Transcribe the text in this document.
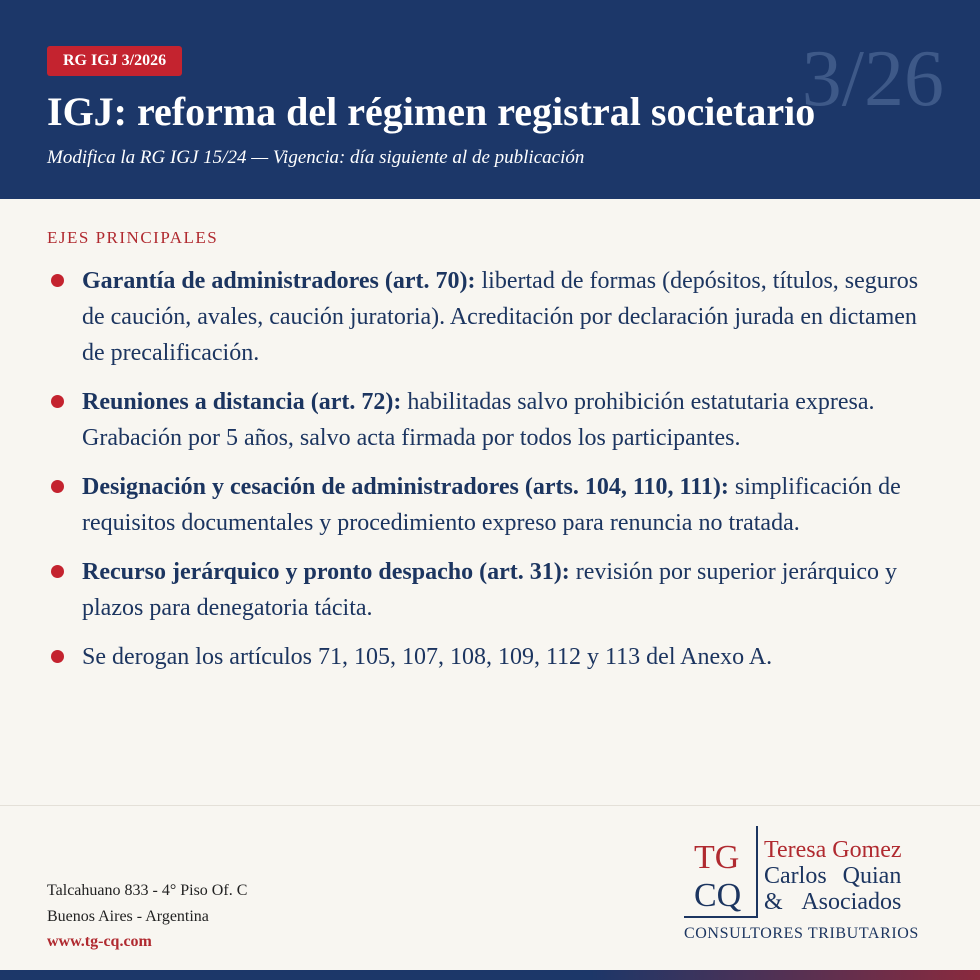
RG IGJ 3/2026	3/26
IGJ: reforma del régimen registral societario
Modifica la RG IGJ 15/24 — Vigencia: día siguiente al de publicación
EJES PRINCIPALES
Garantía de administradores (art. 70): libertad de formas (depósitos, títulos, seguros de caución, avales, caución juratoria). Acreditación por declaración jurada en dictamen de precalificación.
Reuniones a distancia (art. 72): habilitadas salvo prohibición estatutaria expresa. Grabación por 5 años, salvo acta firmada por todos los participantes.
Designación y cesación de administradores (arts. 104, 110, 111): simplificación de requisitos documentales y procedimiento expreso para renuncia no tratada.
Recurso jerárquico y pronto despacho (art. 31): revisión por superior jerárquico y plazos para denegatoria tácita.
Se derogan los artículos 71, 105, 107, 108, 109, 112 y 113 del Anexo A.
Talcahuano 833 - 4° Piso Of. C
Buenos Aires - Argentina
www.tg-cq.com
TG
CQ
Teresa Gomez
Carlos Quian
& Asociados
CONSULTORES TRIBUTARIOS
